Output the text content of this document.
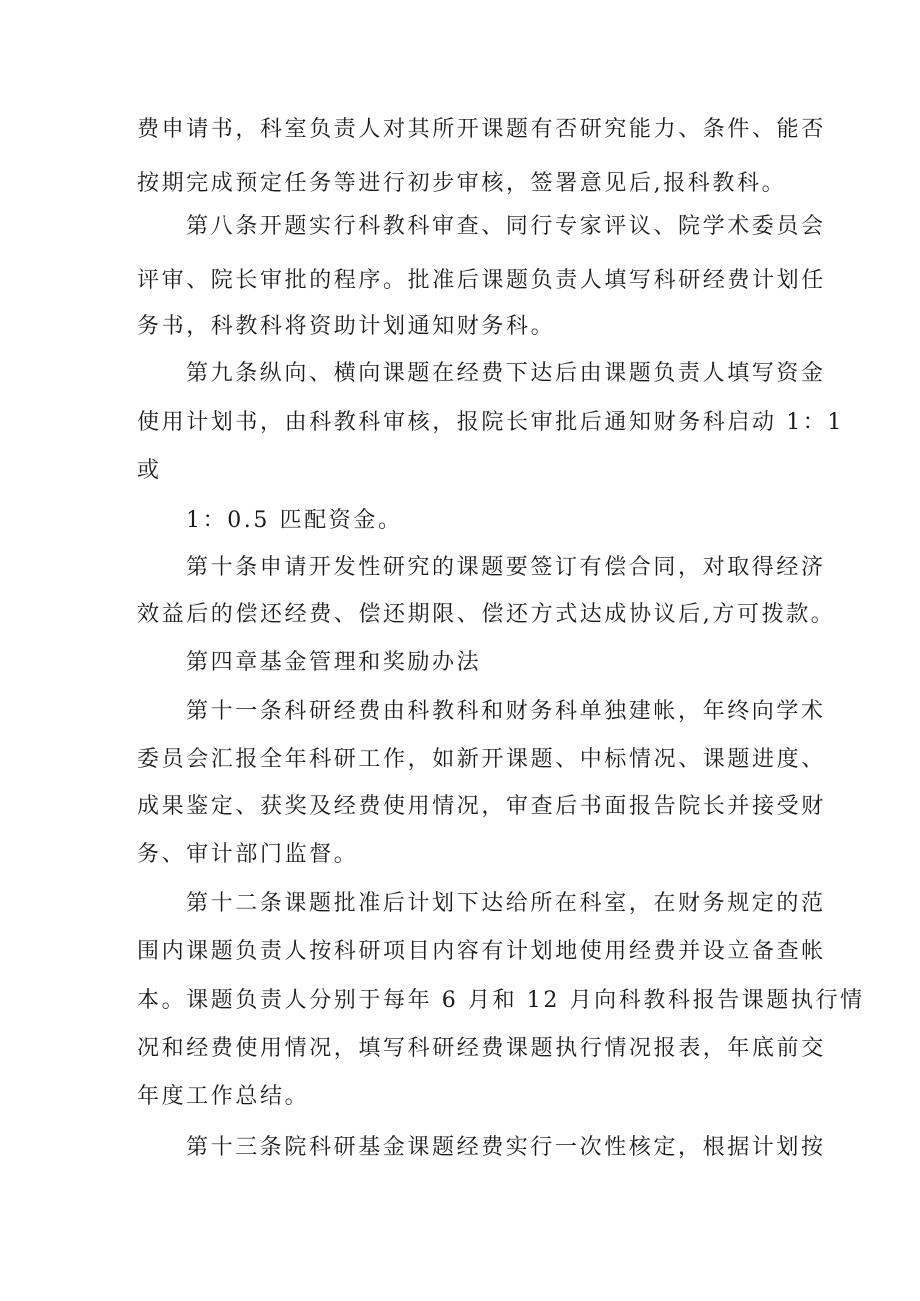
费申请书，科室负责人对其所开课题有否研究能力、条件、能否
按期完成预定任务等进行初步审核，签署意见后,报科教科。
第八条开题实行科教科审查、同行专家评议、院学术委员会
评审、院长审批的程序。批准后课题负责人填写科研经费计划任
务书，科教科将资助计划通知财务科。
第九条纵向、横向课题在经费下达后由课题负责人填写资金
使用计划书，由科教科审核，报院长审批后通知财务科启动 1：1
或
1：0.5 匹配资金。
第十条申请开发性研究的课题要签订有偿合同，对取得经济
效益后的偿还经费、偿还期限、偿还方式达成协议后,方可拨款。
第四章基金管理和奖励办法
第十一条科研经费由科教科和财务科单独建帐，年终向学术
委员会汇报全年科研工作，如新开课题、中标情况、课题进度、
成果鉴定、获奖及经费使用情况，审查后书面报告院长并接受财
务、审计部门监督。
第十二条课题批准后计划下达给所在科室，在财务规定的范
围内课题负责人按科研项目内容有计划地使用经费并设立备查帐
本。课题负责人分别于每年 6 月和 12 月向科教科报告课题执行情
况和经费使用情况，填写科研经费课题执行情况报表，年底前交
年度工作总结。
第十三条院科研基金课题经费实行一次性核定，根据计划按
